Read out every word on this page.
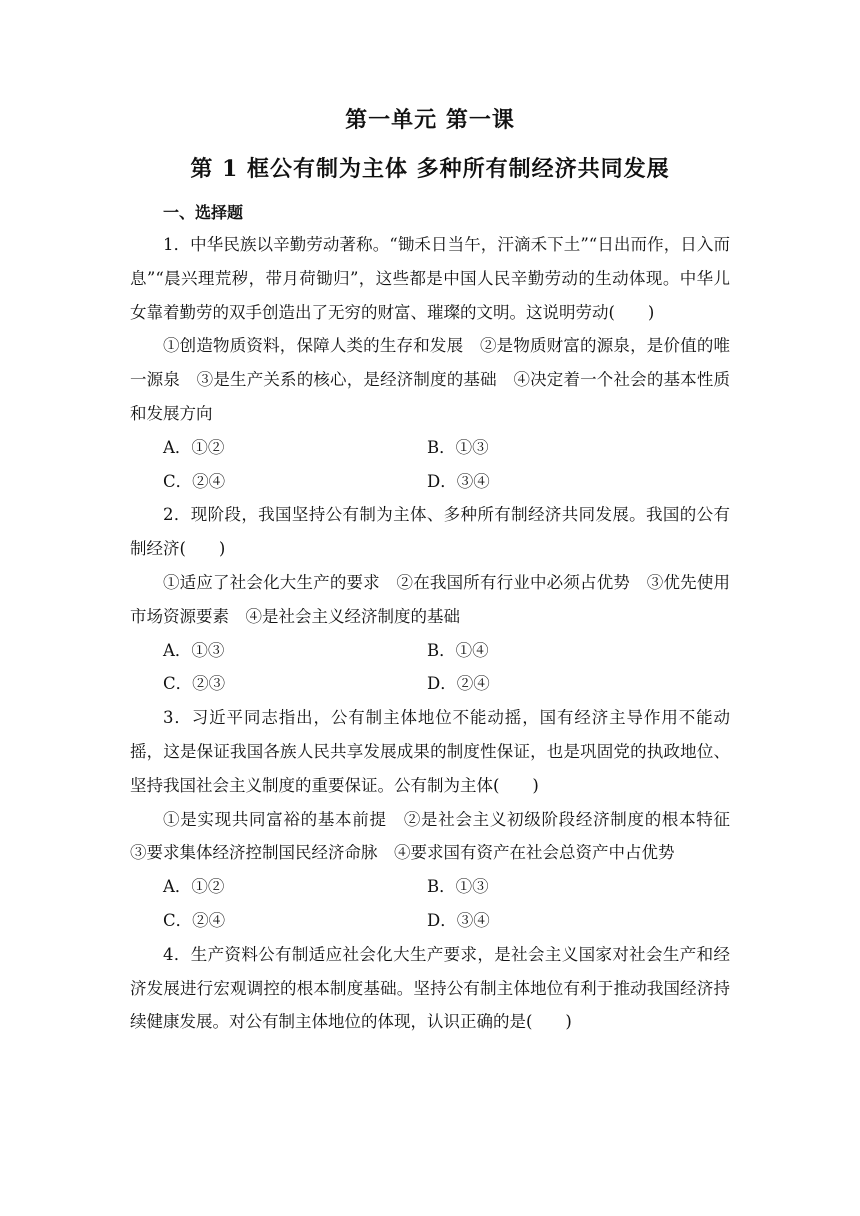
第一单元 第一课
第 1 框公有制为主体 多种所有制经济共同发展
一、选择题

1．中华民族以辛勤劳动著称。“锄禾日当午，汗滴禾下土”“日出而作，日入而息”“晨兴理荒秽，带月荷锄归”，这些都是中国人民辛勤劳动的生动体现。中华儿女靠着勤劳的双手创造出了无穷的财富、璀璨的文明。这说明劳动(　　)

①创造物质资料，保障人类的生存和发展　②是物质财富的源泉，是价值的唯一源泉　③是生产关系的核心，是经济制度的基础　④决定着一个社会的基本性质和发展方向

A．①②	B．①③
C．②④	D．③④

2．现阶段，我国坚持公有制为主体、多种所有制经济共同发展。我国的公有制经济(　　)

①适应了社会化大生产的要求　②在我国所有行业中必须占优势　③优先使用市场资源要素　④是社会主义经济制度的基础

A．①③	B．①④
C．②③	D．②④

3．习近平同志指出，公有制主体地位不能动摇，国有经济主导作用不能动摇，这是保证我国各族人民共享发展成果的制度性保证，也是巩固党的执政地位、坚持我国社会主义制度的重要保证。公有制为主体(　　)

①是实现共同富裕的基本前提　②是社会主义初级阶段经济制度的根本特征　③要求集体经济控制国民经济命脉　④要求国有资产在社会总资产中占优势

A．①②	B．①③
C．②④	D．③④

4．生产资料公有制适应社会化大生产要求，是社会主义国家对社会生产和经济发展进行宏观调控的根本制度基础。坚持公有制主体地位有利于推动我国经济持续健康发展。对公有制主体地位的体现，认识正确的是(　　)
